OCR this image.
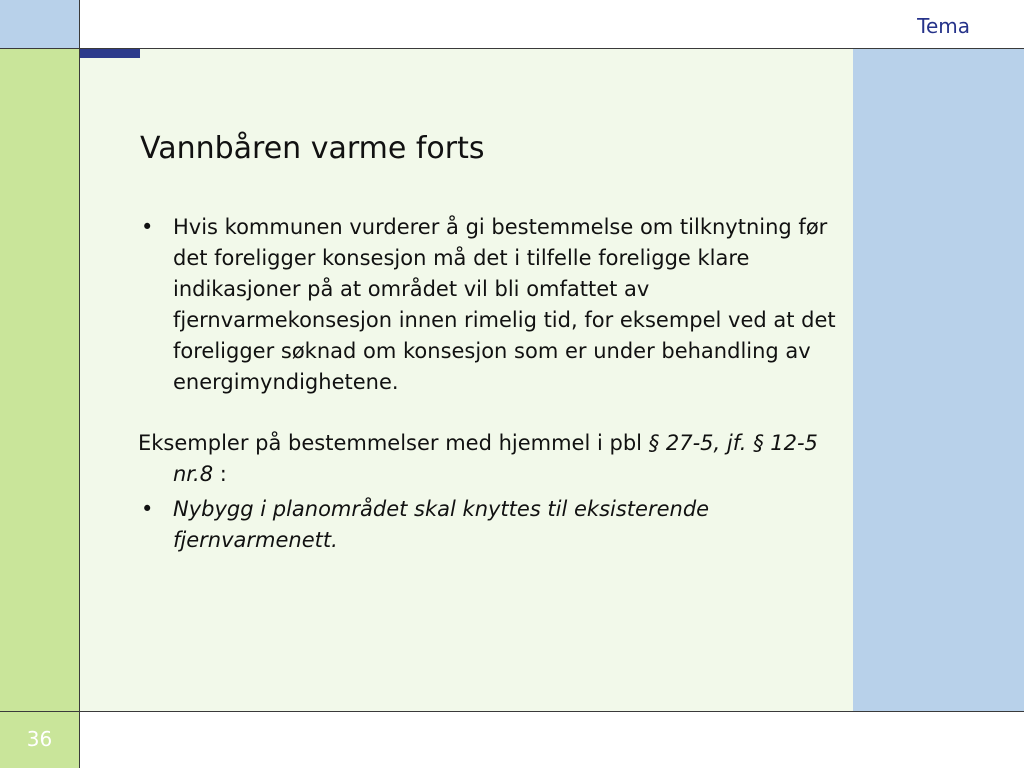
Tema
36
Vannbåren varme forts

• Hvis kommunen vurderer å gi bestemmelse om tilknytning før det foreligger konsesjon må det i tilfelle foreligge klare indikasjoner på at området vil bli omfattet av fjernvarmekonsesjon innen rimelig tid, for eksempel ved at det foreligger søknad om konsesjon som er under behandling av energimyndighetene.

Eksempler på bestemmelser med hjemmel i pbl § 27-5, jf. § 12-5 nr.8 :

• Nybygg i planområdet skal knyttes til eksisterende fjernvarmenett.
